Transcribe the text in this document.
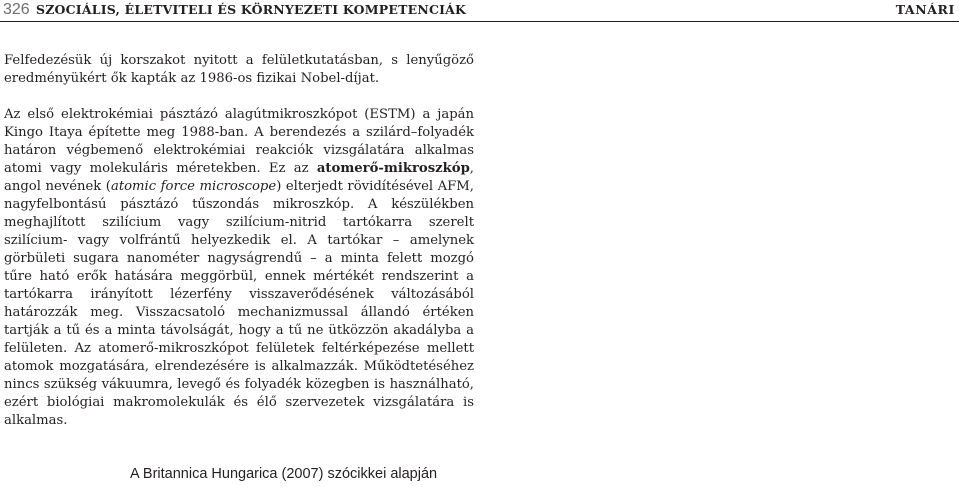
326 SZOCIÁLIS, ÉLETVITELI ÉS KÖRNYEZETI KOMPETENCIÁK	TANÁRI

Felfedezésük új korszakot nyitott a felületkutatásban, s lenyűgöző eredményükért ők kapták az 1986-os fizikai Nobel-díjat.

Az első elektrokémiai pásztázó alagútmikroszkópot (ESTM) a japán Kingo Itaya építette meg 1988-ban. A berendezés a szilárd–folyadék határon végbemenő elektrokémiai reakciók vizsgálatára alkalmas atomi vagy molekuláris méretekben. Ez az atomerő-mikroszkóp, angol nevének (atomic force microscope) elterjedt rövidítésével AFM, nagyfelbontású pásztázó tűszondás mikroszkóp. A készülékben meghajlított szilícium vagy szilícium-nitrid tartókarra szerelt szilícium- vagy volfrántű helyezkedik el. A tartókar – amelynek görbületi sugara nanométer nagyságrendű – a minta felett mozgó tűre ható erők hatására meggörbül, ennek mértékét rendszerint a tartókarra irányított lézerfény visszaverődésének változásából határozzák meg. Visszacsatoló mechanizmussal állandó értéken tartják a tű és a minta távolságát, hogy a tű ne ütközzön akadályba a felületen. Az atomerő-mikroszkópot felületek feltérképezése mellett atomok mozgatására, elrendezésére is alkalmazzák. Működtetéséhez nincs szükség vákuumra, levegő és folyadék közegben is használható, ezért biológiai makromolekulák és élő szervezetek vizsgálatára is alkalmas.

A Britannica Hungarica (2007) szócikkei alapján
